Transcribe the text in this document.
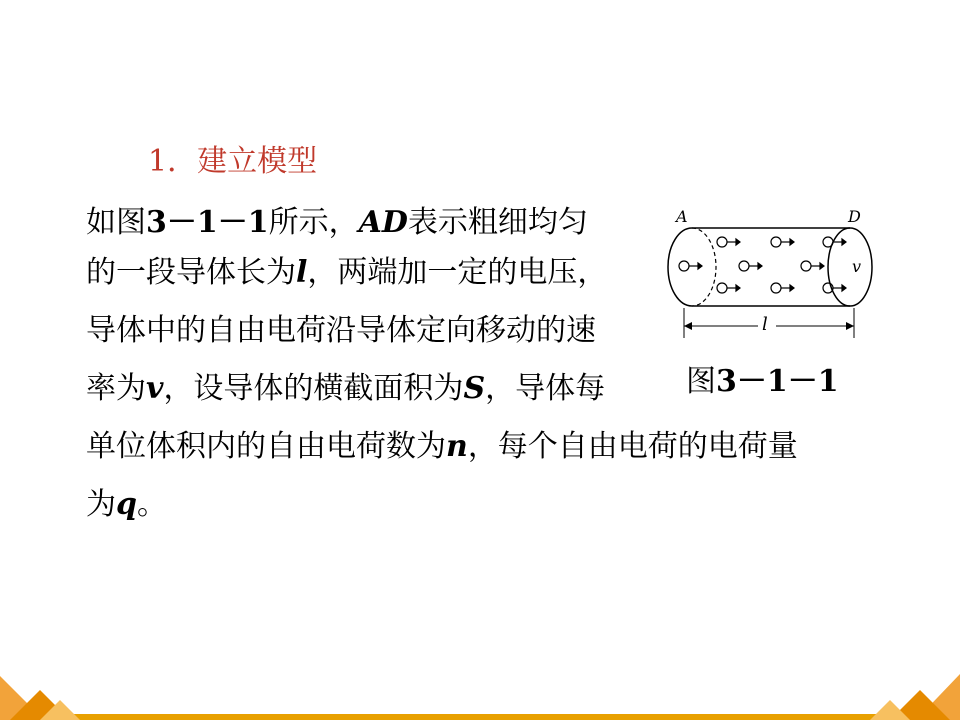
1．建立模型
如图3－1－1所示，AD表示粗细均匀
的一段导体长为l，两端加一定的电压，
导体中的自由电荷沿导体定向移动的速
率为v，设导体的横截面积为S，导体每
单位体积内的自由电荷数为n，每个自由电荷的电荷量
为q。
A	D
v
l
图3－1－1
